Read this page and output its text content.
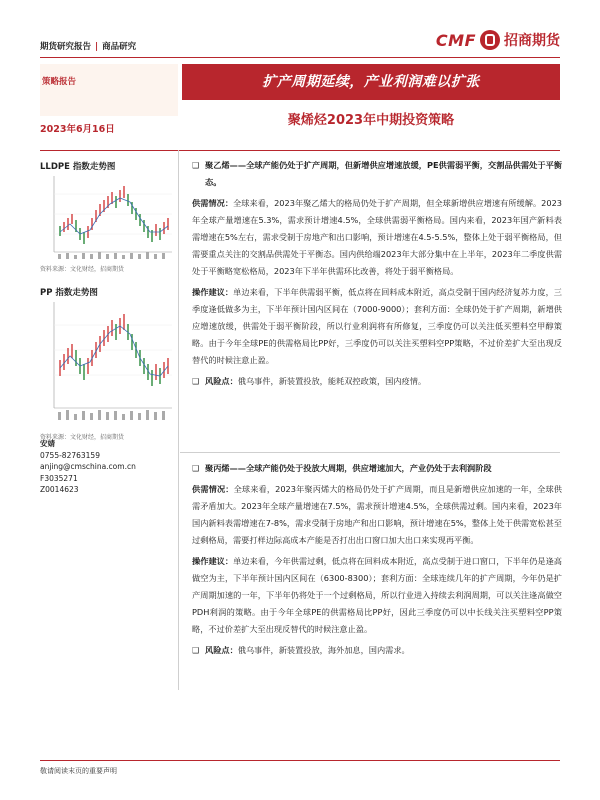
期货研究报告 | 商品研究	CMF 招商期货
策略报告	扩产周期延续，产业利润难以扩张
聚烯烃2023年中期投资策略
2023年6月16日
LLDPE 指数走势图
资料来源：文化财经，招商期货
PP 指数走势图
资料来源：文化财经，招商期货
安婧
0755-82763159
anjing@cmschina.com.cn
F3035271
Z0014623
❑ 聚乙烯——全球产能仍处于扩产周期，但新增供应增速放缓，PE供需弱平衡，交割品供需处于平衡态。
供需情况：全球来看，2023年聚乙烯大的格局仍处于扩产周期，但全球新增供应增速有所缓解。2023年全球产量增速在5.3%，需求预计增速4.5%，全球供需弱平衡格局。国内来看，2023年国产新料表需增速在5%左右，需求受制于房地产和出口影响，预计增速在4.5-5.5%，整体上处于弱平衡格局，但需要重点关注的交割品供需处于平衡态。国内供给端2023年大部分集中在上半年，2023年二季度供需处于平衡略宽松格局，2023年下半年供需环比改善，将处于弱平衡格局。
操作建议：单边来看，下半年供需弱平衡，低点将在回料成本附近，高点受制于国内经济复苏力度，三季度逢低做多为主，下半年预计国内区间在（7000-9000）；套利方面：全球仍处于扩产周期，新增供应增速放缓，供需处于弱平衡阶段，所以行业利润将有所修复，三季度仍可以关注低买塑料空甲醇策略。由于今年全球PE的供需格局比PP好，三季度仍可以关注买塑料空PP策略，不过价差扩大至出现反替代的时候注意止盈。
❑ 风险点：俄乌事件，新装置投放，能耗双控政策，国内疫情。
❑ 聚丙烯——全球产能仍处于投放大周期，供应增速加大，产业仍处于去利润阶段
供需情况：全球来看，2023年聚丙烯大的格局仍处于扩产周期，而且是新增供应加速的一年，全球供需矛盾加大。2023年全球产量增速在7.5%，需求预计增速4.5%，全球供需过剩。国内来看，2023年国内新料表需增速在7-8%，需求受制于房地产和出口影响，预计增速在5%，整体上处于供需宽松甚至过剩格局，需要打样边际高成本产能是否打出出口窗口加大出口来实现再平衡。
操作建议：单边来看，今年供需过剩，低点将在回料成本附近，高点受制于进口窗口，下半年仍是逢高做空为主，下半年预计国内区间在（6300-8300）；套利方面：全球连续几年的扩产周期，今年仍是扩产周期加速的一年，下半年仍将处于一个过剩格局，所以行业进入持续去利润周期，可以关注逢高做空PDH利润的策略。由于今年全球PE的供需格局比PP好，因此三季度仍可以中长线关注买塑料空PP策略，不过价差扩大至出现反替代的时候注意止盈。
❑ 风险点：俄乌事件，新装置投放，海外加息，国内需求。
敬请阅读末页的重要声明
